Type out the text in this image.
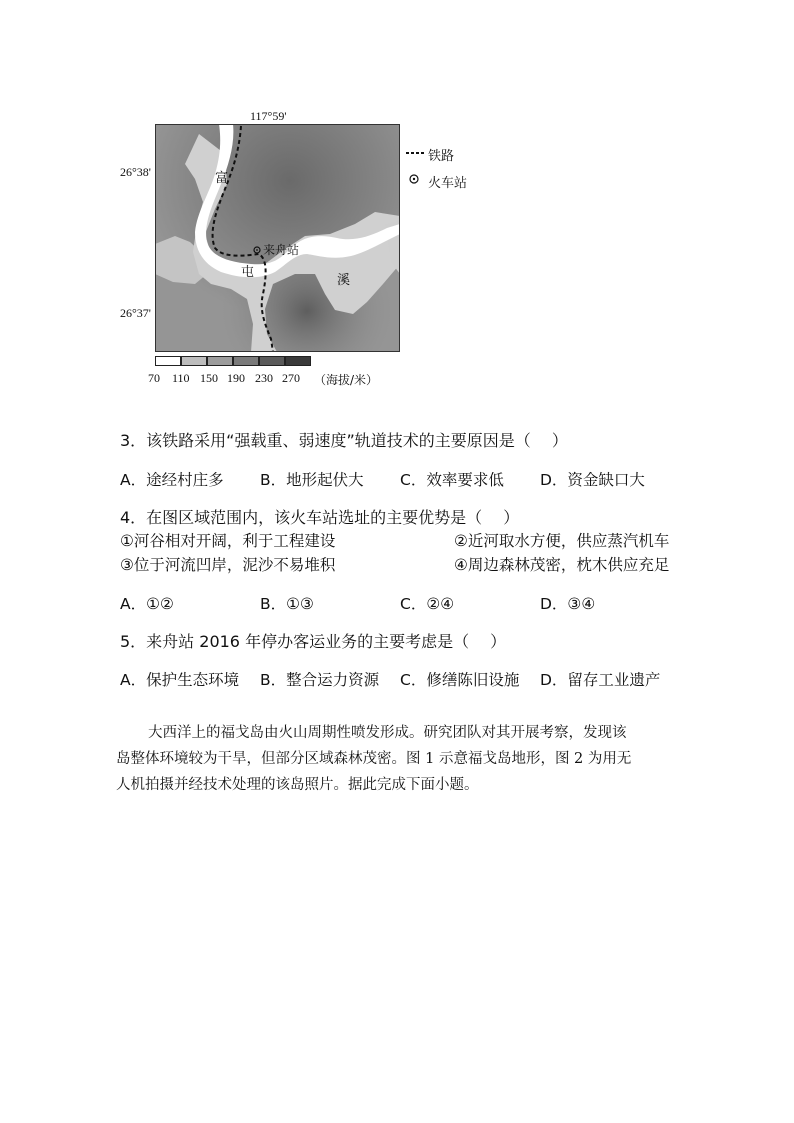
117°59'
26°38'
26°37'
富
屯
溪
来舟站
铁路
火车站
70 110 150 190 230 270 （海拔/米）
3．该铁路采用“强载重、弱速度”轨道技术的主要原因是（　 ）
A．途经村庄多 B．地形起伏大 C．效率要求低 D．资金缺口大
4．在图区域范围内，该火车站选址的主要优势是（　 ）
①河谷相对开阔，利于工程建设	②近河取水方便，供应蒸汽机车
③位于河流凹岸，泥沙不易堆积	④周边森林茂密，枕木供应充足
A．①②	B．①③	C．②④	D．③④
5．来舟站 2016 年停办客运业务的主要考虑是（　 ）
A．保护生态环境 B．整合运力资源 C．修缮陈旧设施 D．留存工业遗产
大西洋上的福戈岛由火山周期性喷发形成。研究团队对其开展考察，发现该
岛整体环境较为干旱，但部分区域森林茂密。图 1 示意福戈岛地形，图 2 为用无
人机拍摄并经技术处理的该岛照片。据此完成下面小题。
